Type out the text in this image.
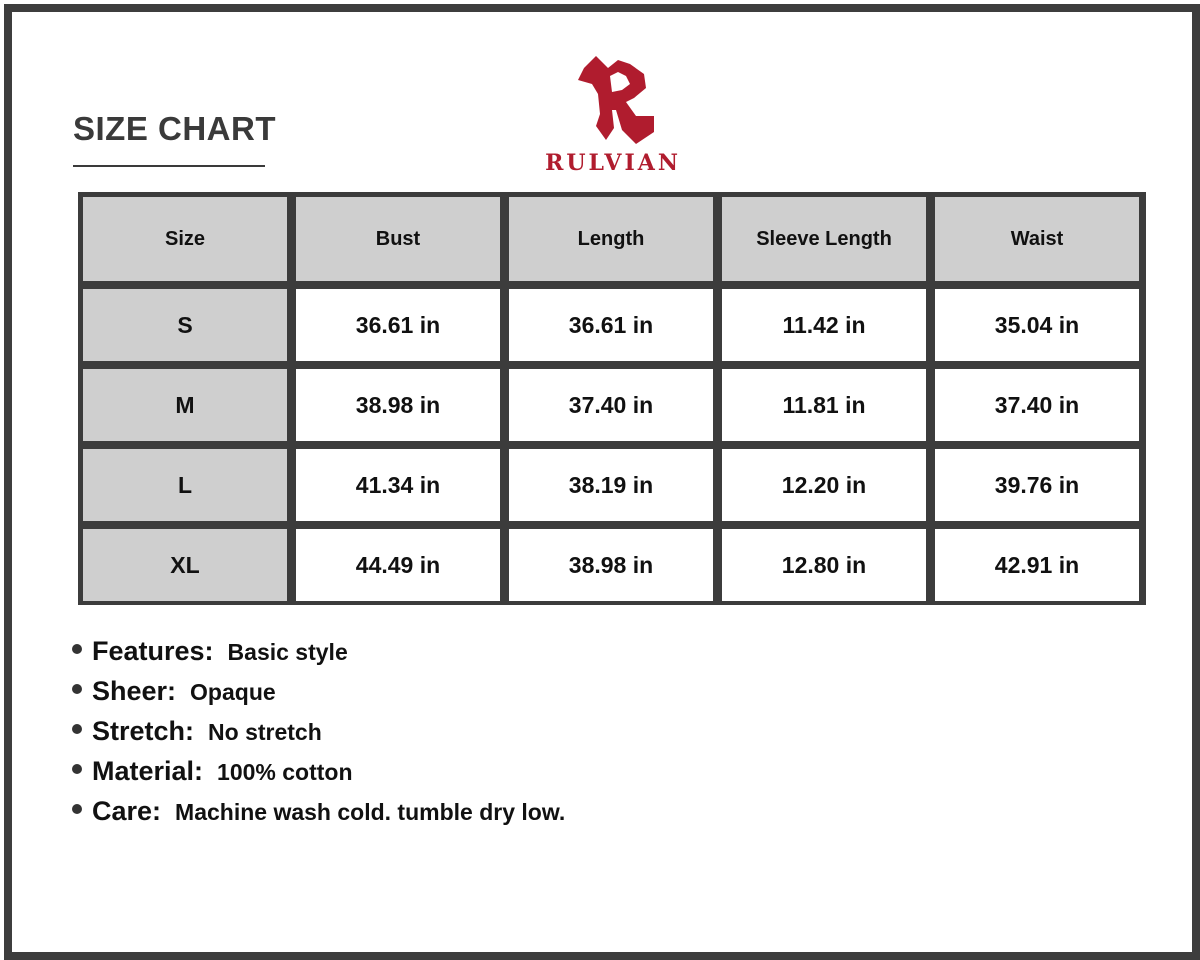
SIZE CHART
RULVIAN
Size	Bust	Length	Sleeve Length	Waist
S	36.61 in	36.61 in	11.42 in	35.04 in
M	38.98 in	37.40 in	11.81 in	37.40 in
L	41.34 in	38.19 in	12.20 in	39.76 in
XL	44.49 in	38.98 in	12.80 in	42.91 in
Features: Basic style
Sheer: Opaque
Stretch: No stretch
Material: 100% cotton
Care: Machine wash cold. tumble dry low.
